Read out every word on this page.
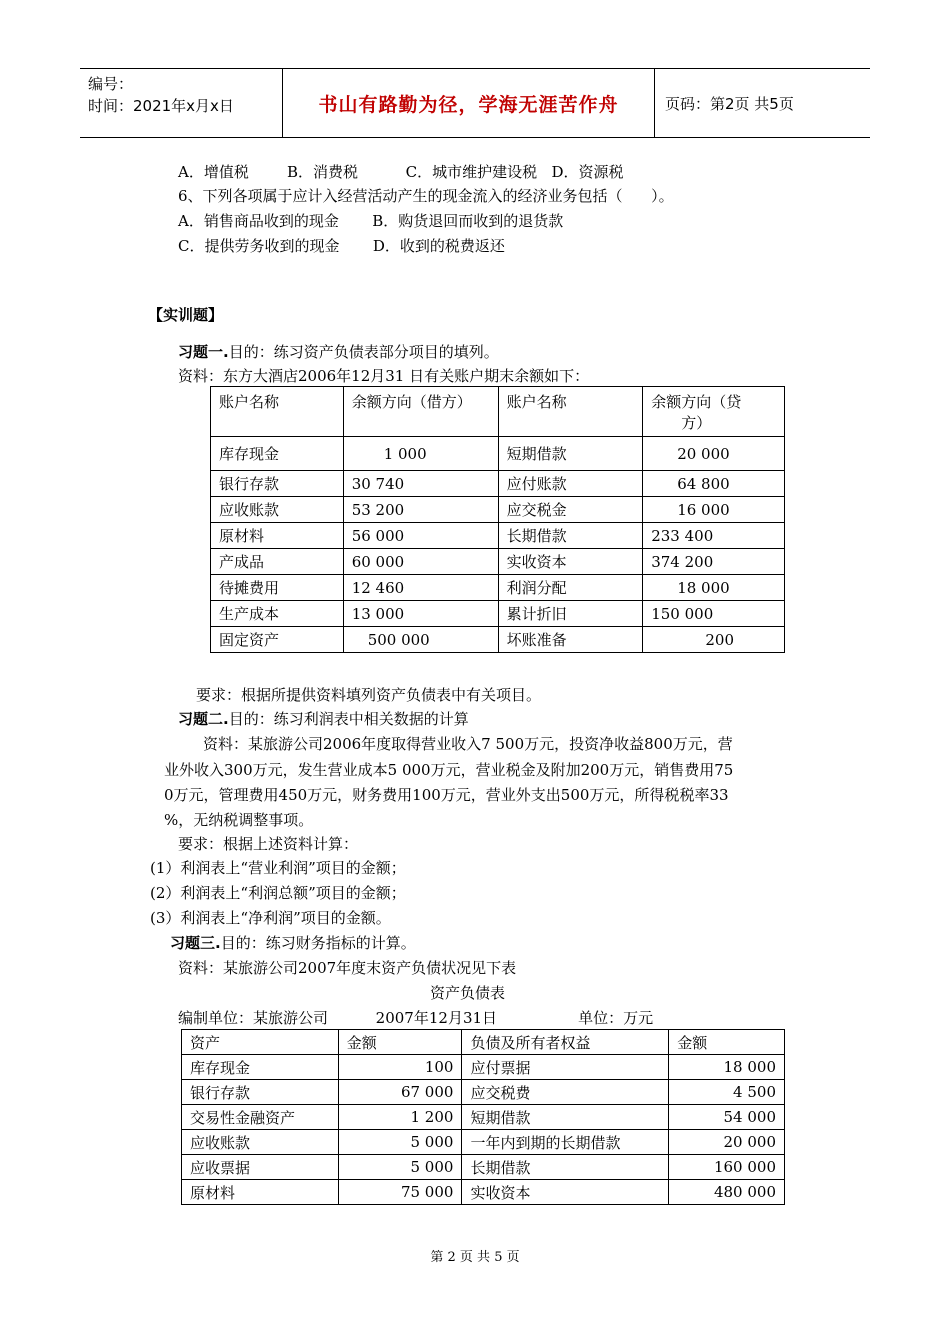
编号：
时间：2021年x月x日	书山有路勤为径，学海无涯苦作舟	页码：第2页 共5页
A．增值税        B．消费税          C．城市维护建设税   D．资源税
6、下列各项属于应计入经营活动产生的现金流入的经济业务包括（      ）。
A．销售商品收到的现金       B．购货退回而收到的退货款
C．提供劳务收到的现金       D．收到的税费返还
【实训题】
习题一.目的：练习资产负债表部分项目的填列。
资料：东方大酒店2006年12月31 日有关账户期末余额如下：
账户名称	余额方向（借方）	账户名称	余额方向（贷
方）

库存现金	1 000	短期借款	20 000
银行存款	30 740	应付账款	64 800
应收账款	53 200	应交税金	16 000
原材料	56 000	长期借款	233 400
产成品	60 000	实收资本	374 200
待摊费用	12 460	利润分配	18 000
生产成本	13 000	累计折旧	150 000
固定资产	500 000	坏账准备	200
要求：根据所提供资料填列资产负债表中有关项目。
习题二.目的：练习利润表中相关数据的计算
资料：某旅游公司2006年度取得营业收入7 500万元，投资净收益800万元，营
业外收入300万元，发生营业成本5 000万元，营业税金及附加200万元，销售费用75
0万元，管理费用450万元，财务费用100万元，营业外支出500万元，所得税税率33
%，无纳税调整事项。
要求：根据上述资料计算：
(1）利润表上“营业利润”项目的金额；
(2）利润表上“利润总额”项目的金额；
(3）利润表上“净利润”项目的金额。
习题三.目的：练习财务指标的计算。
资料：某旅游公司2007年度末资产负债状况见下表
资产负债表
编制单位：某旅游公司          2007年12月31日                 单位：万元
资产	金额	负债及所有者权益	金额
库存现金	100	应付票据	18 000
银行存款	67 000	应交税费	4 500
交易性金融资产	1 200	短期借款	54 000
应收账款	5 000	一年内到期的长期借款	20 000
应收票据	5 000	长期借款	160 000
原材料	75 000	实收资本	480 000
第 2 页 共 5 页
